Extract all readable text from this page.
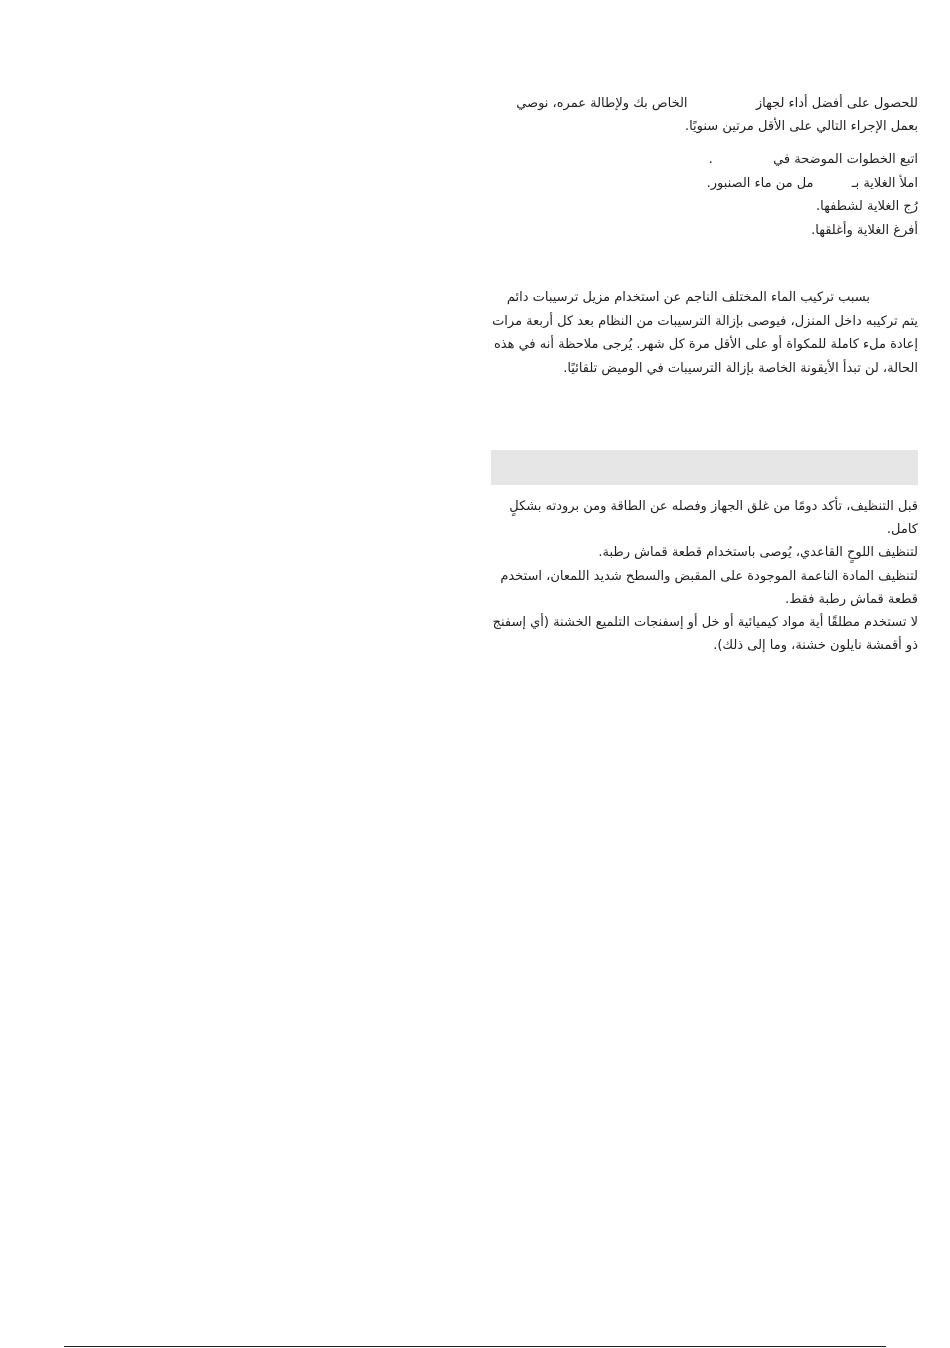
للحصول على أفضل أداء لجهاز  الخاص بك ولإطالة عمره، نوصي بعمل الإجراء التالي على الأقل مرتين سنويًا.

اتبع الخطوات الموضحة في  .
املأ الغلاية بـ  مل من ماء الصنبور.
رُج الغلاية لشطفها.
أفرغ الغلاية وأغلقها.

بسبب تركيب الماء المختلف الناجم عن استخدام مزيل ترسيبات دائم يتم تركيبه داخل المنزل، فيوصى بإزالة الترسيبات من النظام بعد كل أربعة مرات إعادة ملء كاملة للمكواة أو على الأقل مرة كل شهر. يُرجى ملاحظة أنه في هذه الحالة، لن تبدأ الأيقونة الخاصة بإزالة الترسيبات في الوميض تلقائيًا.

قبل التنظيف، تأكد دومًا من غلق الجهاز وفصله عن الطاقة ومن برودته بشكلٍ كامل.
لتنظيف اللوحٍ القاعدي، يُوصى باستخدام قطعة قماش رطبة.
لتنظيف المادة الناعمة الموجودة على المقبض والسطح شديد اللمعان، استخدم قطعة قماش رطبة فقط.
لا تستخدم مطلقًا أية مواد كيميائية أو خل أو إسفنجات التلميع الخشنة (أي إسفنج ذو أقمشة نايلون خشنة، وما إلى ذلك).
